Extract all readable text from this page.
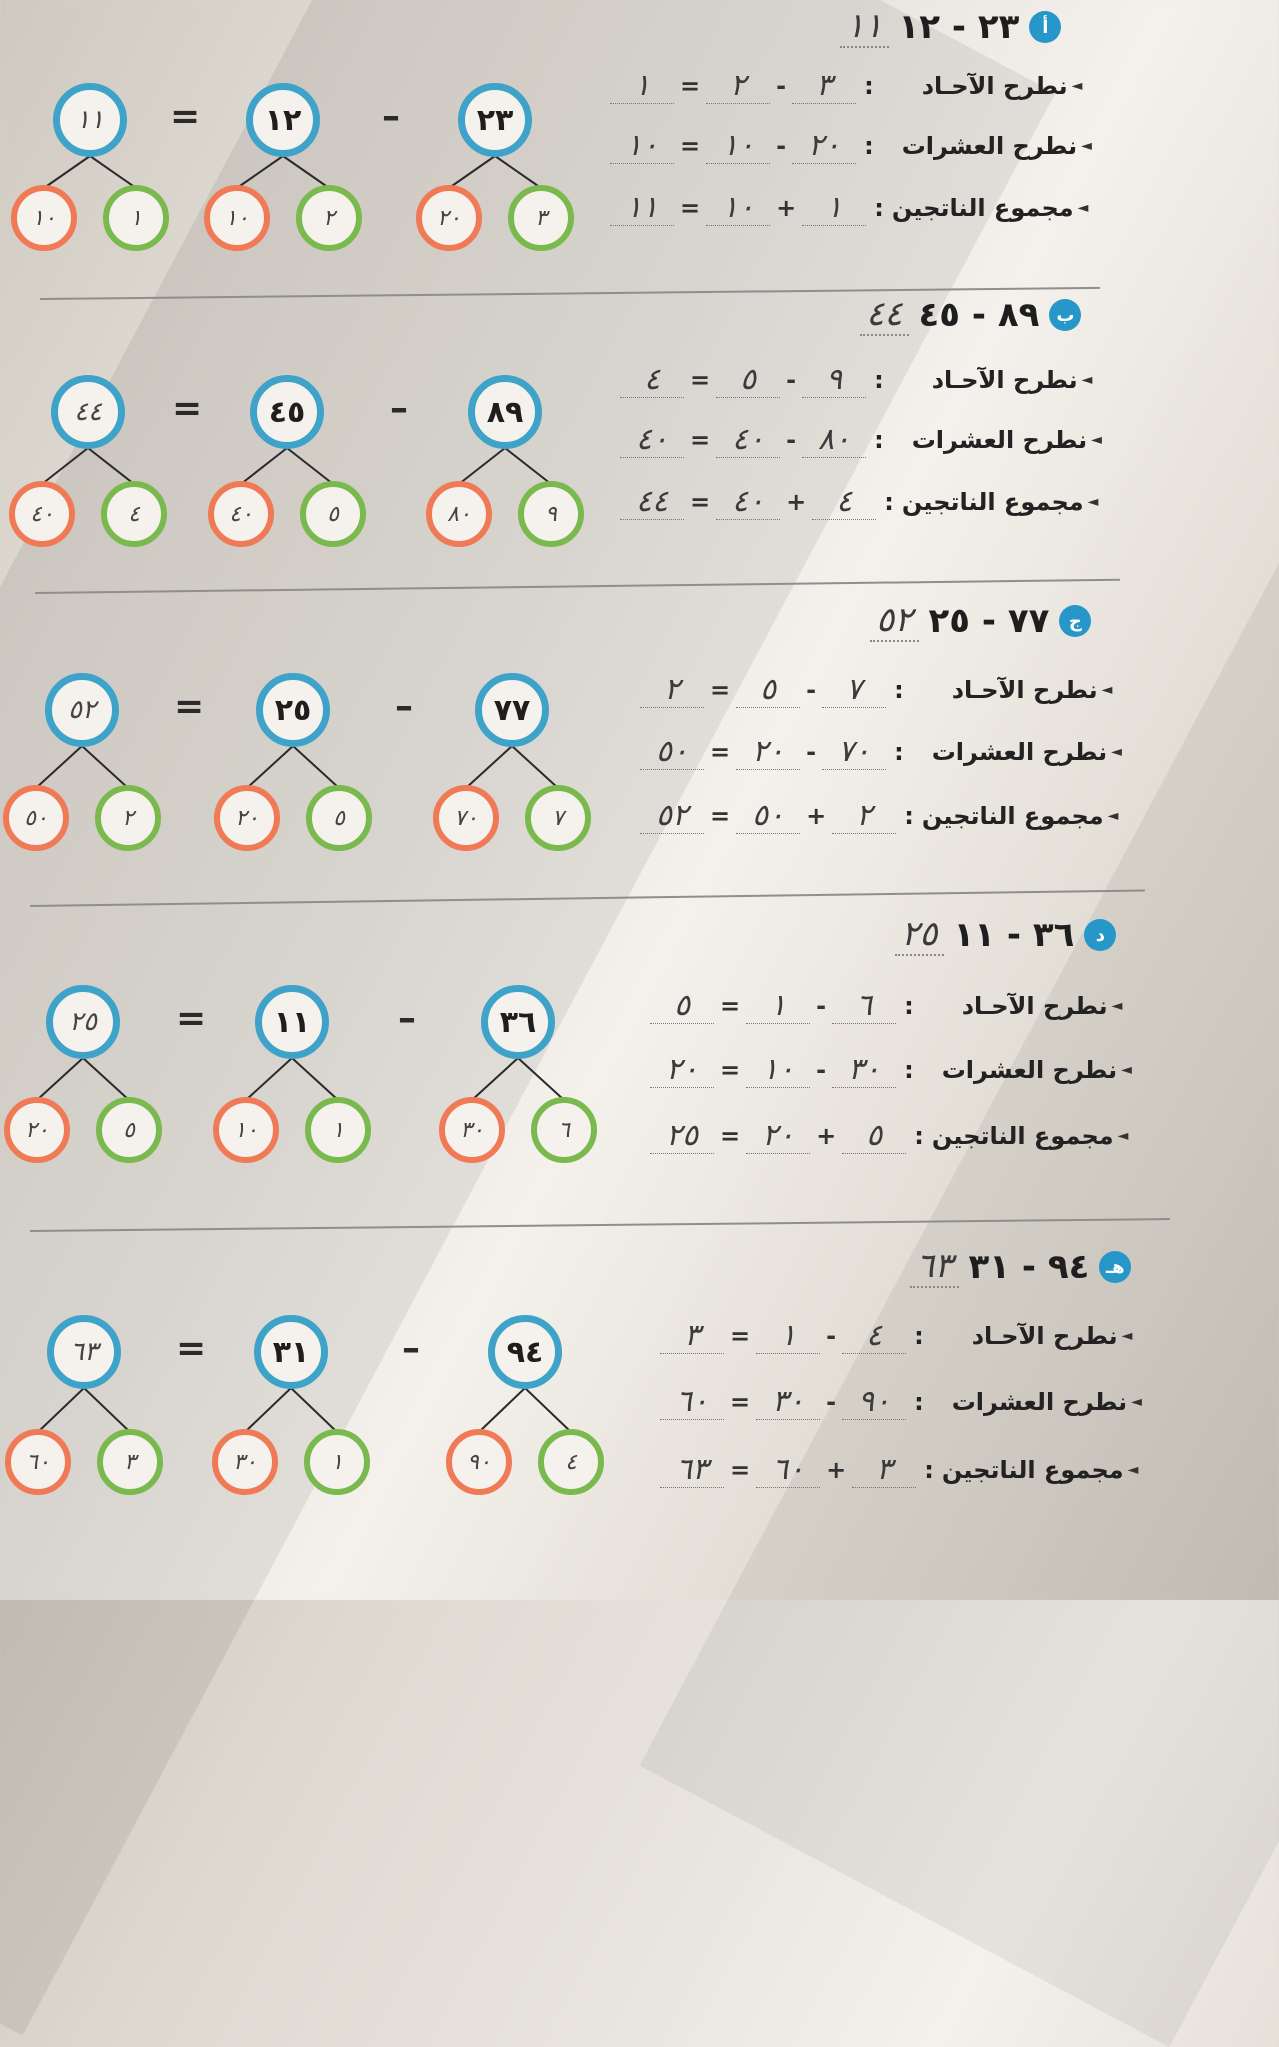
١١ ٢٣ - ١٢	أ
١	= ٢	- ٣	: نطرح الآحـاد ◄
١٠ = ١٠ - ٢٠ : نطرح العشرات ◄
١١ = ١٠ + ١	: مجموع الناتجين ◄
٤٤ ٨٩ - ٤٥ ب
٤	= ٥	- ٩	: نطرح الآحـاد ◄
٤٠ = ٤٠ - ٨٠ : نطرح العشرات ◄
٤٤ = ٤٠ + ٤	: مجموع الناتجين ◄
٥٢ ٧٧ - ٢٥	ج
٢	= ٥	- ٧	: نطرح الآحـاد ◄
٥٠ = ٢٠ - ٧٠ : نطرح العشرات ◄
٥٢ = ٥٠ + ٢	: مجموع الناتجين ◄
٢٥ ٣٦ - ١١	د
٥	= ١	- ٦	: نطرح الآحـاد ◄
٢٠ = ١٠ - ٣٠ : نطرح العشرات ◄
٢٥ = ٢٠ + ٥	: مجموع الناتجين ◄
٦٣ ٩٤ - ٣١ هـ
٣	= ١	- ٤	: نطرح الآحـاد ◄
٦٠ = ٣٠ - ٩٠ : نطرح العشرات ◄
٦٣ = ٦٠ + ٣	: مجموع الناتجين ◄
١١
١٠	١
١٢
١٠	٢
٢٣
٢٠	٣
=	–
٤٤
٤٠	٤
٤٥
٤٠	٥
٨٩
٨٠	٩
=	–
٥٢
٥٠	٢
٢٥
٢٠	٥
٧٧
٧٠	٧
=	–
٢٥
٢٠	٥
١١
١٠	١
٣٦
٣٠	٦
=	–
٦٣
٦٠	٣
٣١
٣٠	١
٩٤
٩٠	٤
=	–
